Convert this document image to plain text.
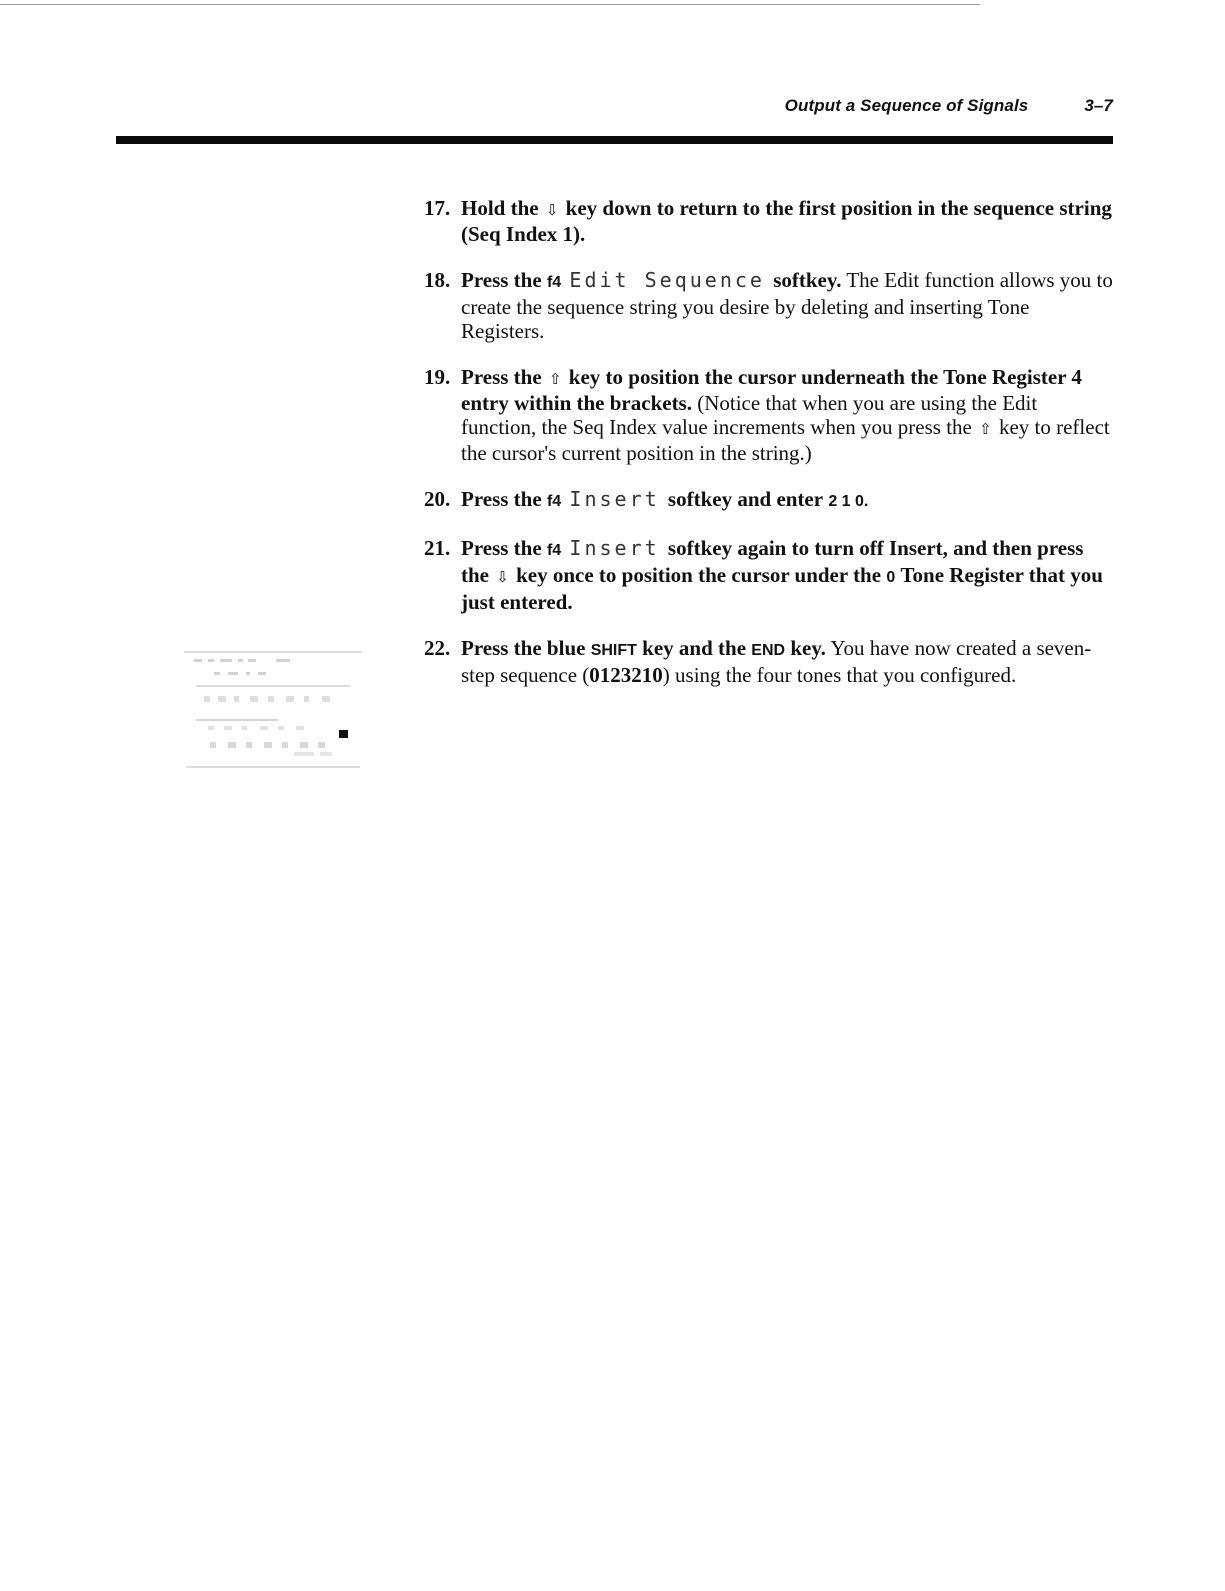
Output a Sequence of Signals	3–7
17. Hold the ⇩ key down to return to the first position in the sequence string (Seq Index 1).
18. Press the f4 Edit Sequence softkey. The Edit function allows you to create the sequence string you desire by deleting and inserting Tone Registers.
19. Press the ⇧ key to position the cursor underneath the Tone Register 4 entry within the brackets. (Notice that when you are using the Edit function, the Seq Index value increments when you press the ⇧ key to reflect the cursor's current position in the string.)
20. Press the f4 Insert softkey and enter 2 1 0.
21. Press the f4 Insert softkey again to turn off Insert, and then press the ⇩ key once to position the cursor under the 0 Tone Register that you just entered.
22. Press the blue SHIFT key and the END key. You have now created a seven-step sequence (0123210) using the four tones that you configured.
